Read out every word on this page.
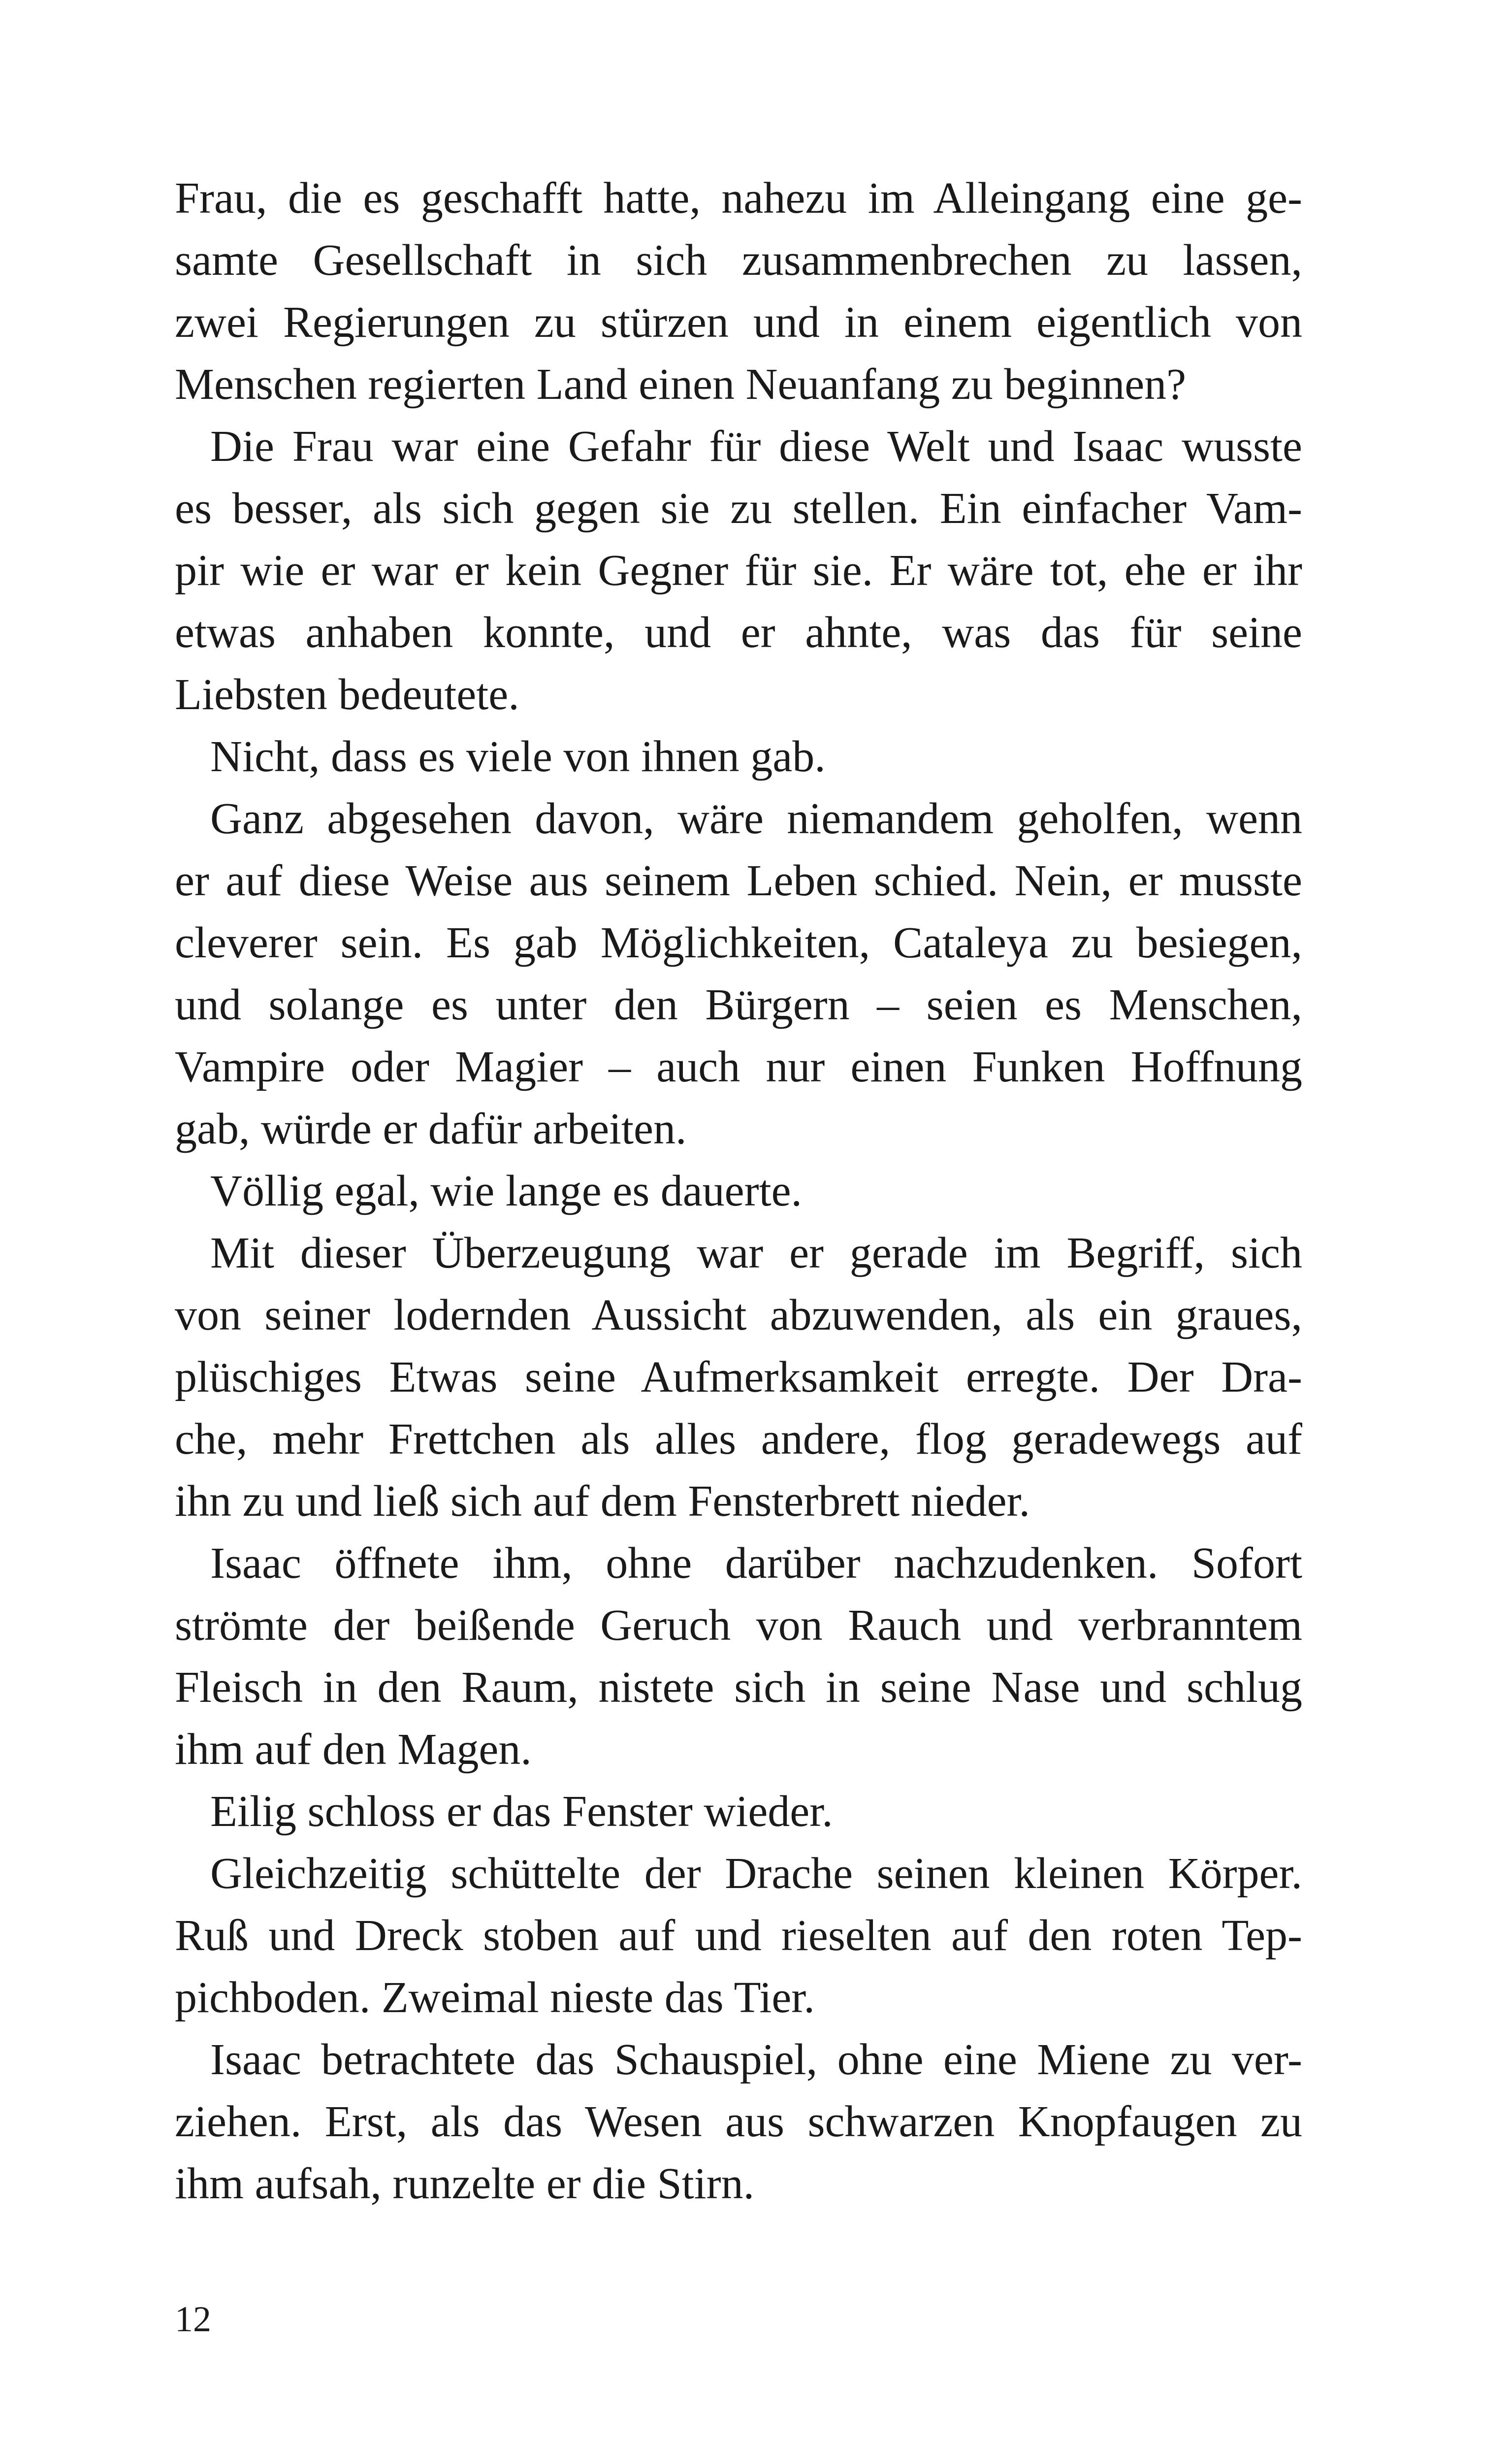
Frau, die es geschafft hatte, nahezu im Alleingang eine ge-
samte Gesellschaft in sich zusammenbrechen zu lassen,
zwei Regierungen zu stürzen und in einem eigentlich von
Menschen regierten Land einen Neuanfang zu beginnen?
Die Frau war eine Gefahr für diese Welt und Isaac wusste
es besser, als sich gegen sie zu stellen. Ein einfacher Vam-
pir wie er war er kein Gegner für sie. Er wäre tot, ehe er ihr
etwas anhaben konnte, und er ahnte, was das für seine
Liebsten bedeutete.
Nicht, dass es viele von ihnen gab.
Ganz abgesehen davon, wäre niemandem geholfen, wenn
er auf diese Weise aus seinem Leben schied. Nein, er musste
cleverer sein. Es gab Möglichkeiten, Cataleya zu besiegen,
und solange es unter den Bürgern – seien es Menschen,
Vampire oder Magier – auch nur einen Funken Hoffnung
gab, würde er dafür arbeiten.
Völlig egal, wie lange es dauerte.
Mit dieser Überzeugung war er gerade im Begriff, sich
von seiner lodernden Aussicht abzuwenden, als ein graues,
plüschiges Etwas seine Aufmerksamkeit erregte. Der Dra-
che, mehr Frettchen als alles andere, flog geradewegs auf
ihn zu und ließ sich auf dem Fensterbrett nieder.
Isaac öffnete ihm, ohne darüber nachzudenken. Sofort
strömte der beißende Geruch von Rauch und verbranntem
Fleisch in den Raum, nistete sich in seine Nase und schlug
ihm auf den Magen.
Eilig schloss er das Fenster wieder.
Gleichzeitig schüttelte der Drache seinen kleinen Körper.
Ruß und Dreck stoben auf und rieselten auf den roten Tep-
pichboden. Zweimal nieste das Tier.
Isaac betrachtete das Schauspiel, ohne eine Miene zu ver-
ziehen. Erst, als das Wesen aus schwarzen Knopfaugen zu
ihm aufsah, runzelte er die Stirn.
12
